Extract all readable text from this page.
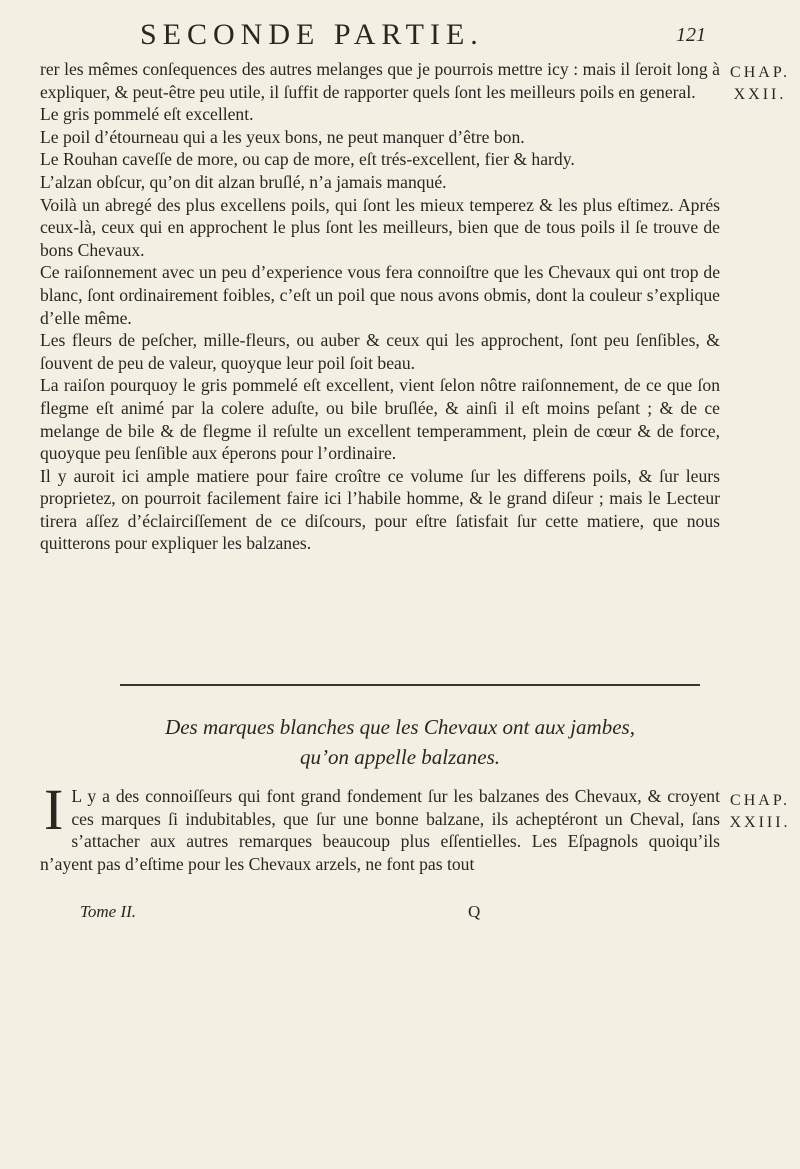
SECONDE PARTIE.	121
CHAP.
XXII.

rer les mêmes conſequences des autres melanges que je pourrois mettre icy : mais il ſeroit long à expliquer, & peut-être peu utile, il ſuffit de rapporter quels ſont les meilleurs poils en general.

Le gris pommelé eſt excellent.

Le poil d’étourneau qui a les yeux bons, ne peut manquer d’être bon.

Le Rouhan caveſſe de more, ou cap de more, eſt trés-excellent, fier & hardy.

L’alzan obſcur, qu’on dit alzan bruſlé, n’a jamais manqué.

Voilà un abregé des plus excellens poils, qui ſont les mieux temperez & les plus eſtimez. Aprés ceux-là, ceux qui en approchent le plus ſont les meilleurs, bien que de tous poils il ſe trouve de bons Chevaux.

Ce raiſonnement avec un peu d’experience vous fera connoiſtre que les Chevaux qui ont trop de blanc, ſont ordinairement foibles, c’eſt un poil que nous avons obmis, dont la couleur s’explique d’elle même.

Les fleurs de peſcher, mille-fleurs, ou auber & ceux qui les approchent, ſont peu ſenſibles, & ſouvent de peu de valeur, quoyque leur poil ſoit beau.

La raiſon pourquoy le gris pommelé eſt excellent, vient ſelon nôtre raiſonnement, de ce que ſon flegme eſt animé par la colere aduſte, ou bile bruſlée, & ainſi il eſt moins peſant ; & de ce melange de bile & de flegme il reſulte un excellent temperamment, plein de cœur & de force, quoyque peu ſenſible aux éperons pour l’ordinaire.

Il y auroit ici ample matiere pour faire croître ce volume ſur les differens poils, & ſur leurs proprietez, on pourroit facilement faire ici l’habile homme, & le grand diſeur ; mais le Lecteur tirera aſſez d’éclairciſſement de ce diſcours, pour eſtre ſatisfait ſur cette matiere, que nous quitterons pour expliquer les balzanes.

Des marques blanches que les Chevaux ont aux jambes,
qu’on appelle balzanes.
CHAP.
XXIII.
I L y a des connoiſſeurs qui font grand fondement ſur les balzanes des Chevaux, & croyent ces marques ſi indubitables, que ſur une bonne balzane, ils acheptéront un Cheval, ſans s’attacher aux autres remarques beaucoup plus eſſentielles. Les Eſpagnols quoiqu’ils n’ayent pas d’eſtime pour les Chevaux arzels, ne font pas tout

Tome II.	Q
